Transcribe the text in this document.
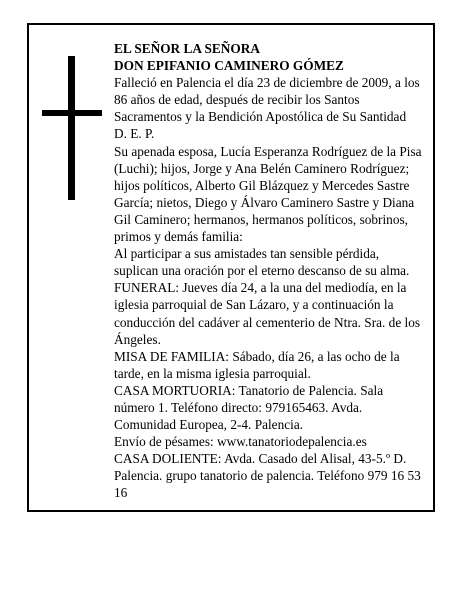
EL SEÑOR LA SEÑORA

DON EPIFANIO CAMINERO GÓMEZ

Falleció en Palencia el día 23 de diciembre de 2009, a los 86 años de edad, después de recibir los Santos Sacramentos y la Bendición Apostólica de Su Santidad D. E. P.

Su apenada esposa, Lucía Esperanza Rodríguez de la Pisa (Luchi); hijos, Jorge y Ana Belén Caminero Rodríguez; hijos políticos, Alberto Gil Blázquez y Mercedes Sastre García; nietos, Diego y Álvaro Caminero Sastre y Diana Gil Caminero; hermanos, hermanos políticos, sobrinos, primos y demás familia:

Al participar a sus amistades tan sensible pérdida, suplican una oración por el eterno descanso de su alma.

FUNERAL: Jueves día 24, a la una del mediodía, en la iglesia parroquial de San Lázaro, y a continuación la conducción del cadáver al cementerio de Ntra. Sra. de los Ángeles.

MISA DE FAMILIA: Sábado, día 26, a las ocho de la tarde, en la misma iglesia parroquial.

CASA MORTUORIA: Tanatorio de Palencia. Sala número 1. Teléfono directo: 979165463. Avda. Comunidad Europea, 2-4. Palencia.

Envío de pésames: www.tanatoriodepalencia.es

CASA DOLIENTE: Avda. Casado del Alisal, 43-5.º D. Palencia. grupo tanatorio de palencia. Teléfono 979 16 53 16
